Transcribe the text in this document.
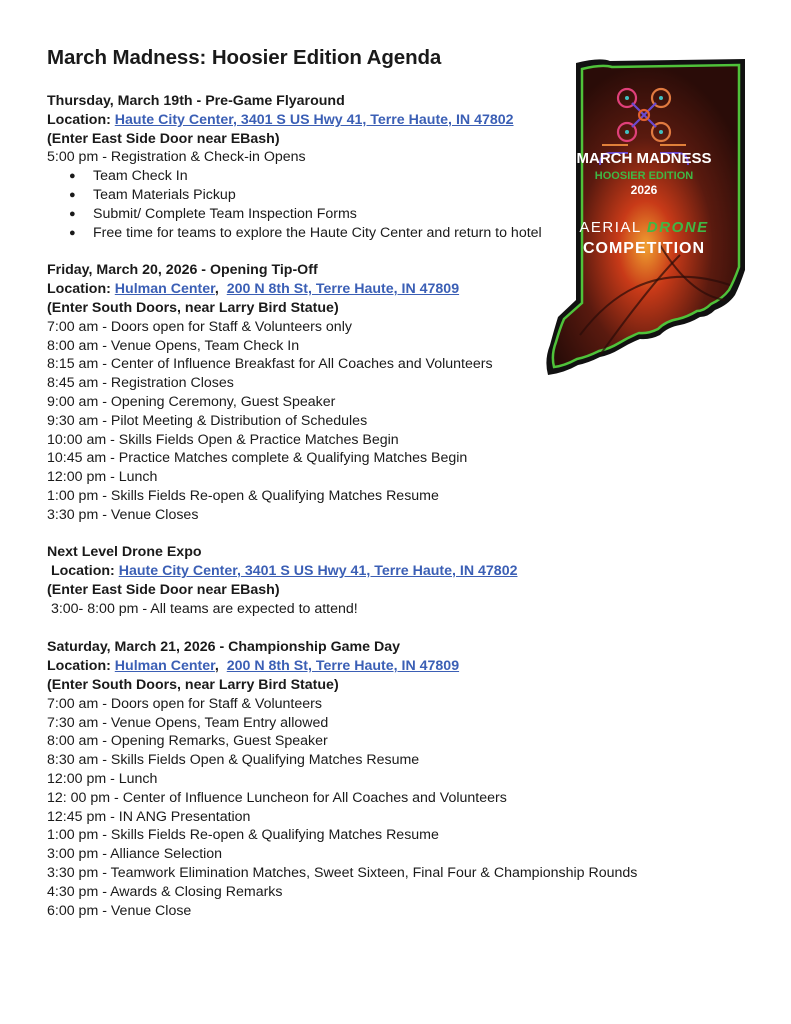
March Madness: Hoosier Edition Agenda
Thursday, March 19th - Pre-Game Flyaround
Location: Haute City Center, 3401 S US Hwy 41, Terre Haute, IN 47802
(Enter East Side Door near EBash)
5:00 pm - Registration & Check-in Opens
● Team Check In
● Team Materials Pickup
● Submit/ Complete Team Inspection Forms
● Free time for teams to explore the Haute City Center and return to hotel
Friday, March 20, 2026 - Opening Tip-Off
Location: Hulman Center,  200 N 8th St, Terre Haute, IN 47809
(Enter South Doors, near Larry Bird Statue)
7:00 am - Doors open for Staff & Volunteers only
8:00 am - Venue Opens, Team Check In
8:15 am - Center of Influence Breakfast for All Coaches and Volunteers
8:45 am - Registration Closes
9:00 am - Opening Ceremony, Guest Speaker
9:30 am - Pilot Meeting & Distribution of Schedules
10:00 am - Skills Fields Open & Practice Matches Begin
10:45 am - Practice Matches complete & Qualifying Matches Begin
12:00 pm - Lunch
1:00 pm - Skills Fields Re-open & Qualifying Matches Resume
3:30 pm - Venue Closes
Next Level Drone Expo
Location: Haute City Center, 3401 S US Hwy 41, Terre Haute, IN 47802
(Enter East Side Door near EBash)
3:00- 8:00 pm - All teams are expected to attend!
Saturday, March 21, 2026 - Championship Game Day
Location: Hulman Center,  200 N 8th St, Terre Haute, IN 47809
(Enter South Doors, near Larry Bird Statue)
7:00 am - Doors open for Staff & Volunteers
7:30 am - Venue Opens, Team Entry allowed
8:00 am - Opening Remarks, Guest Speaker
8:30 am - Skills Fields Open & Qualifying Matches Resume
12:00 pm - Lunch
12: 00 pm - Center of Influence Luncheon for All Coaches and Volunteers
12:45 pm - IN ANG Presentation
1:00 pm - Skills Fields Re-open & Qualifying Matches Resume
3:00 pm - Alliance Selection
3:30 pm - Teamwork Elimination Matches, Sweet Sixteen, Final Four & Championship Rounds
4:30 pm - Awards & Closing Remarks
6:00 pm - Venue Close
MARCH MADNESS
HOOSIER EDITION
2026
AERIAL DRONE
COMPETITION
